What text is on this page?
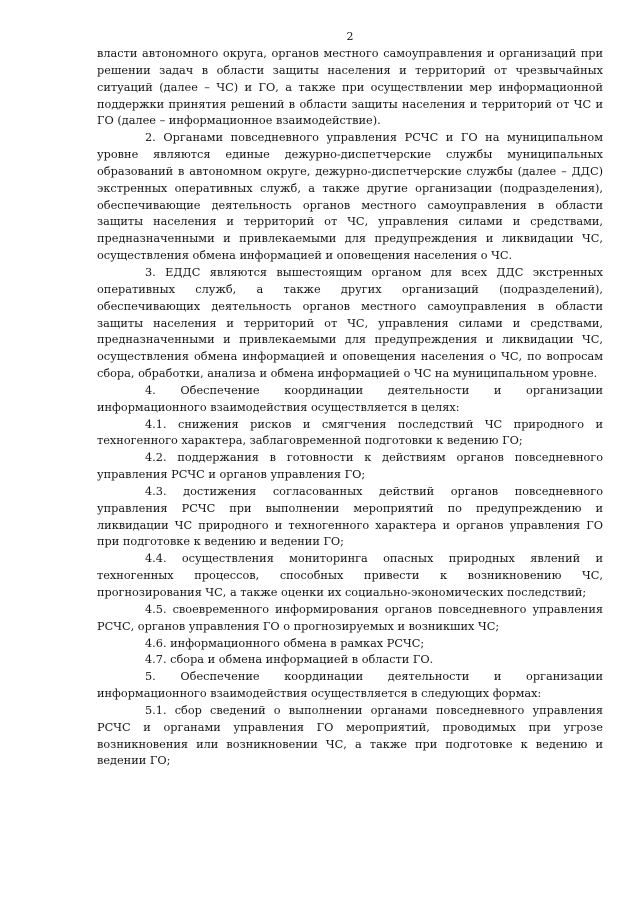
2

власти автономного округа, органов местного самоуправления и организаций при решении задач в области защиты населения и территорий от чрезвычайных ситуаций (далее – ЧС) и ГО, а также при осуществлении мер информационной поддержки принятия решений в области защиты населения и территорий от ЧС и ГО (далее – информационное взаимодействие).

2. Органами повседневного управления РСЧС и ГО на муниципальном уровне являются единые дежурно-диспетчерские службы муниципальных образований в автономном округе, дежурно-диспетчерские службы (далее – ДДС) экстренных оперативных служб, а также другие организации (подразделения), обеспечивающие деятельность органов местного самоуправления в области защиты населения и территорий от ЧС, управления силами и средствами, предназначенными и привлекаемыми для предупреждения и ликвидации ЧС, осуществления обмена информацией и оповещения населения о ЧС.

3. ЕДДС являются вышестоящим органом для всех ДДС экстренных оперативных служб, а также других организаций (подразделений), обеспечивающих деятельность органов местного самоуправления в области защиты населения и территорий от ЧС, управления силами и средствами, предназначенными и привлекаемыми для предупреждения и ликвидации ЧС, осуществления обмена информацией и оповещения населения о ЧС, по вопросам сбора, обработки, анализа и обмена информацией о ЧС на муниципальном уровне.

4. Обеспечение координации деятельности и организации информационного взаимодействия осуществляется в целях:

4.1. снижения рисков и смягчения последствий ЧС природного и техногенного характера, заблаговременной подготовки к ведению ГО;

4.2. поддержания в готовности к действиям органов повседневного управления РСЧС и органов управления ГО;

4.3. достижения согласованных действий органов повседневного управления РСЧС при выполнении мероприятий по предупреждению и ликвидации ЧС природного и техногенного характера и органов управления ГО при подготовке к ведению и ведении ГО;

4.4. осуществления мониторинга опасных природных явлений и техногенных процессов, способных привести к возникновению ЧС, прогнозирования ЧС, а также оценки их социально-экономических последствий;

4.5. своевременного информирования органов повседневного управления РСЧС, органов управления ГО о прогнозируемых и возникших ЧС;

4.6. информационного обмена в рамках РСЧС;

4.7. сбора и обмена информацией в области ГО.

5. Обеспечение координации деятельности и организации информационного взаимодействия осуществляется в следующих формах:

5.1. сбор сведений о выполнении органами повседневного управления РСЧС и органами управления ГО мероприятий, проводимых при угрозе возникновения или возникновении ЧС, а также при подготовке к ведению и ведении ГО;
